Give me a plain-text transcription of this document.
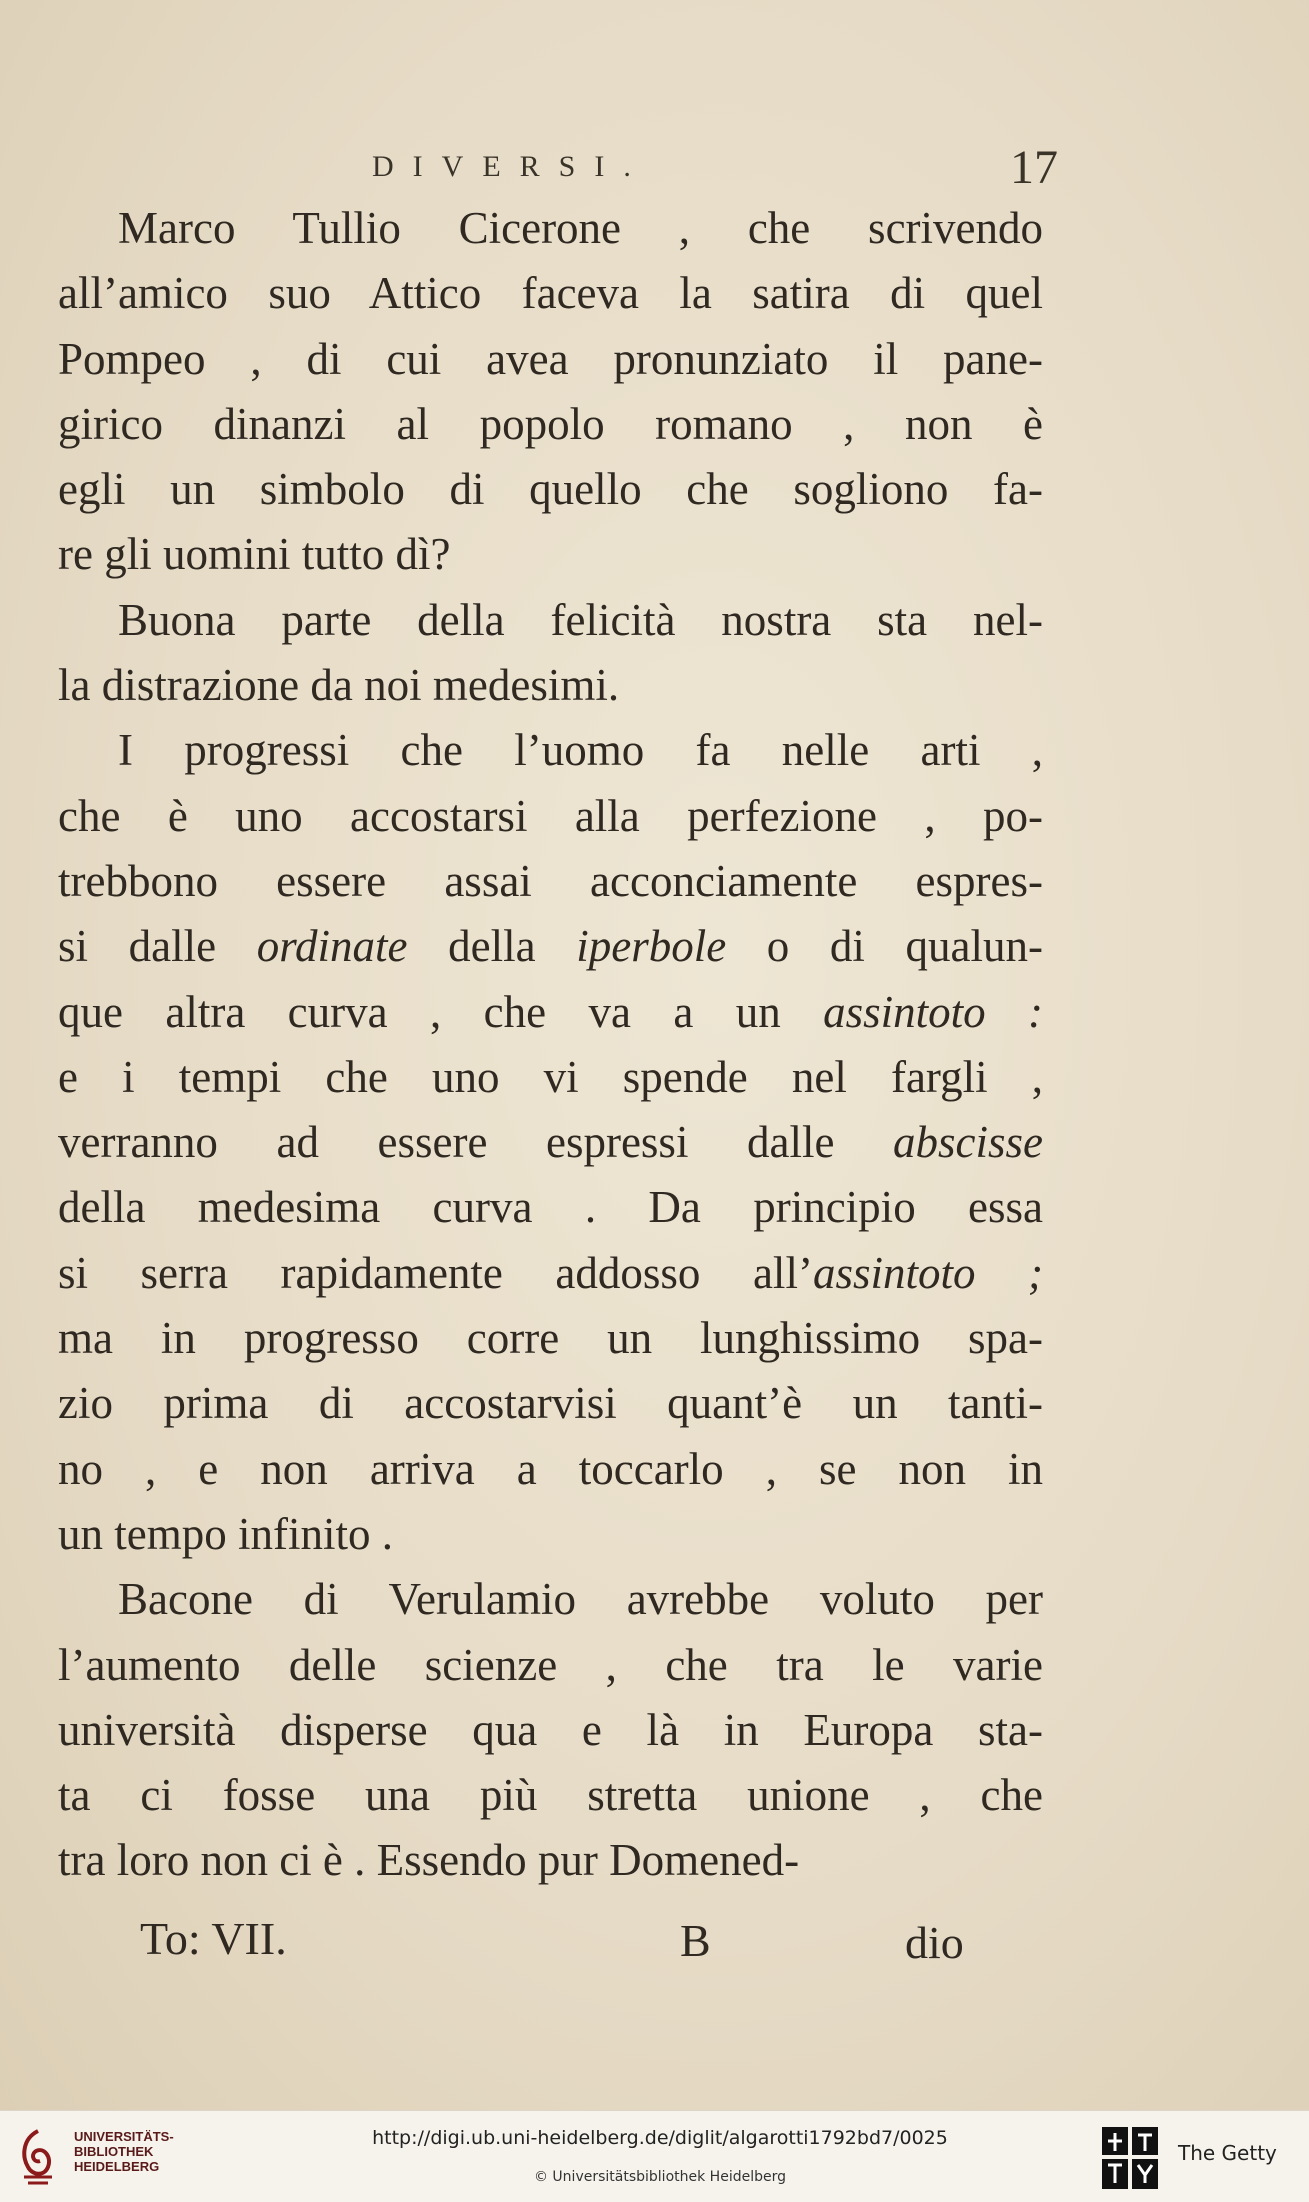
DIVERSI.	17
Marco Tullio Cicerone , che scrivendo
all’amico suo Attico faceva la satira di quel
Pompeo , di cui avea pronunziato il pane-
girico dinanzi al popolo romano , non è
egli un simbolo di quello che sogliono fa-
re gli uomini tutto dì?
Buona parte della felicità nostra sta nel-
la distrazione da noi medesimi.
I progressi che l’uomo fa nelle arti ,
che è uno accostarsi alla perfezione , po-
trebbono essere assai acconciamente espres-
si dalle ordinate della iperbole o di qualun-
que altra curva , che va a un assintoto :
e i tempi che uno vi spende nel fargli ,
verranno ad essere espressi dalle abscisse
della medesima curva . Da principio essa
si serra rapidamente addosso all’assintoto ;
ma in progresso corre un lunghissimo spa-
zio prima di accostarvisi quant’è un tanti-
no , e non arriva a toccarlo , se non in
un tempo infinito .
Bacone di Verulamio avrebbe voluto per
l’aumento delle scienze , che tra le varie
università disperse qua e là in Europa sta-
ta ci fosse una più stretta unione , che
tra loro non ci è . Essendo pur Domened-
To: VII.	B	dio
UNIVERSITÄTS-
BIBLIOTHEK
HEIDELBERG
http://digi.ub.uni-heidelberg.de/diglit/algarotti1792bd7/0025
© Universitätsbibliothek Heidelberg
The Getty
